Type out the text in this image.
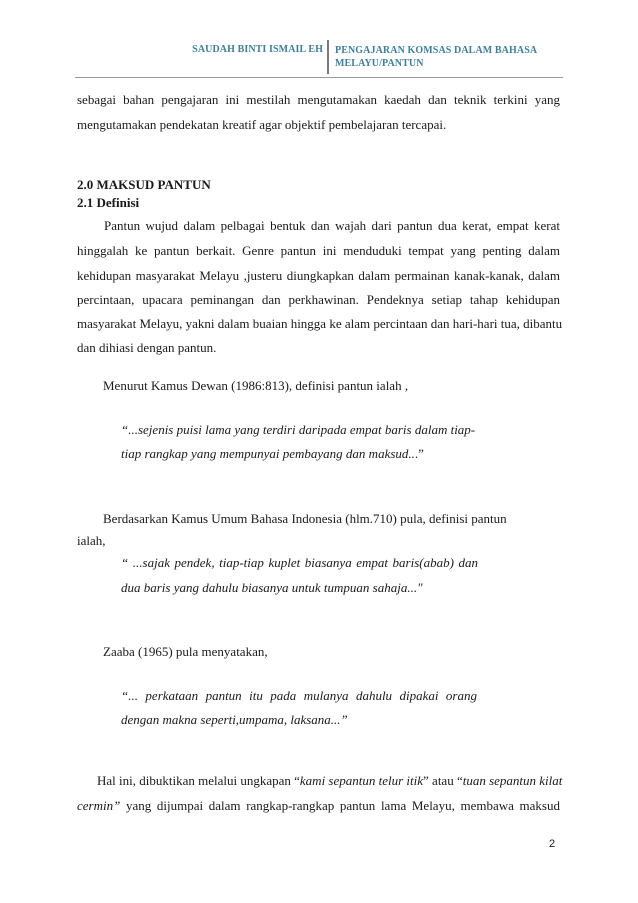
SAUDAH BINTI ISMAIL EH PENGAJARAN KOMSAS DALAM BAHASA
MELAYU/PANTUN
sebagai bahan pengajaran ini mestilah mengutamakan kaedah dan teknik terkini yang
mengutamakan pendekatan kreatif agar objektif pembelajaran tercapai.
2.0 MAKSUD PANTUN
2.1 Definisi
Pantun wujud dalam pelbagai bentuk dan wajah dari pantun dua kerat, empat kerat
hinggalah ke pantun berkait. Genre pantun ini menduduki tempat yang penting dalam
kehidupan masyarakat Melayu ,justeru diungkapkan dalam permainan kanak-kanak, dalam
percintaan, upacara peminangan dan perkhawinan. Pendeknya setiap tahap kehidupan
masyarakat Melayu, yakni dalam buaian hingga ke alam percintaan dan hari-hari tua, dibantu
dan dihiasi dengan pantun.
Menurut Kamus Dewan (1986:813), definisi pantun ialah ,
“...sejenis puisi lama yang terdiri daripada empat baris dalam tiap-
tiap rangkap yang mempunyai pembayang dan maksud...”
Berdasarkan Kamus Umum Bahasa Indonesia (hlm.710) pula, definisi pantun
ialah,
“ ...sajak pendek, tiap-tiap kuplet biasanya empat baris(abab) dan
dua baris yang dahulu biasanya untuk tumpuan sahaja..."
Zaaba (1965) pula menyatakan,
“... perkataan pantun itu pada mulanya dahulu dipakai orang
dengan makna seperti,umpama, laksana...”
Hal ini, dibuktikan melalui ungkapan “kami sepantun telur itik” atau “tuan sepantun kilat
cermin” yang dijumpai dalam rangkap-rangkap pantun lama Melayu, membawa maksud
2
